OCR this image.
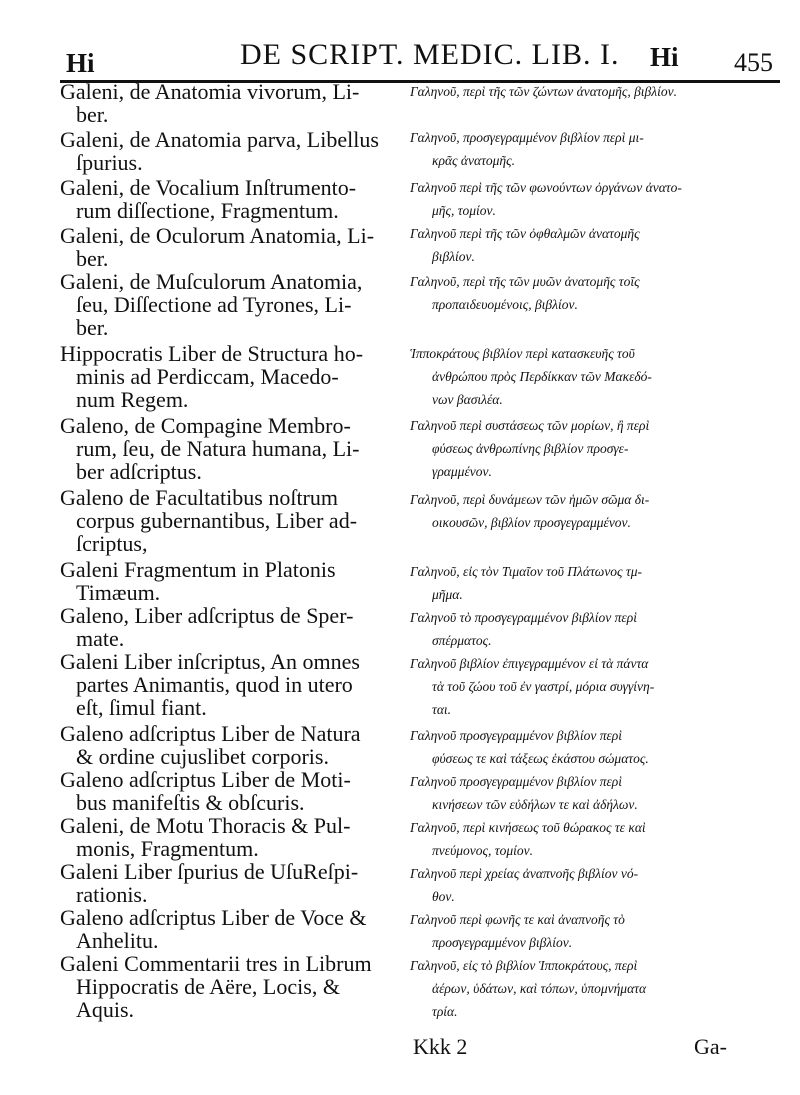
Hi	DE SCRIPT. MEDIC. LIB. I. Hi 455
Galeni, de Anatomia vivorum, Li-
ber.
Galeni, de Anatomia parva, Libellus
ſpurius.
Galeni, de Vocalium Inſtrumento-
rum diſſectione, Fragmentum.
Galeni, de Oculorum Anatomia, Li-
ber.
Galeni, de Muſculorum Anatomia,
ſeu, Diſſectione ad Tyrones, Li-
ber.
Hippocratis Liber de Structura ho-
minis ad Perdiccam, Macedo-
num Regem.
Galeno, de Compagine Membro-
rum, ſeu, de Natura humana, Li-
ber adſcriptus.
Galeno de Facultatibus noſtrum
corpus gubernantibus, Liber ad-
ſcriptus,
Galeni Fragmentum in Platonis
Timæum.
Galeno, Liber adſcriptus de Sper-
mate.
Galeni Liber inſcriptus, An omnes
partes Animantis, quod in utero
eſt, ſimul fiant.
Galeno adſcriptus Liber de Natura
& ordine cujuslibet corporis.
Galeno adſcriptus Liber de Moti-
bus manifeſtis & obſcuris.
Galeni, de Motu Thoracis & Pul-
monis, Fragmentum.
Galeni Liber ſpurius de UſuReſpi-
rationis.
Galeno adſcriptus Liber de Voce &
Anhelitu.
Galeni Commentarii tres in Librum
Hippocratis de Aëre, Locis, &
Aquis.
Γαληνοῦ, περὶ τῆς τῶν ζώντων ἀνατομῆς, βιβλίον.
Γαληνοῦ, προσγεγραμμένον βιβλίον περὶ μι-
κρᾶς ἀνατομῆς.
Γαληνοῦ περὶ τῆς τῶν φωνούντων ὀργάνων ἀνατο-
μῆς, τομίον.
Γαληνοῦ περὶ τῆς τῶν ὀφθαλμῶν ἀνατομῆς
βιβλίον.
Γαληνοῦ, περὶ τῆς τῶν μυῶν ἀνατομῆς τοῖς
προπαιδευομένοις, βιβλίον.
Ἱπποκράτους βιβλίον περὶ κατασκευῆς τοῦ
ἀνθρώπου πρὸς Περδίκκαν τῶν Μακεδό-
νων βασιλέα.
Γαληνοῦ περὶ συστάσεως τῶν μορίων, ἢ περὶ
φύσεως ἀνθρωπίνης βιβλίον προσγε-
γραμμένον.
Γαληνοῦ, περὶ δυνάμεων τῶν ἡμῶν σῶμα δι-
οικουσῶν, βιβλίον προσγεγραμμένον.
Γαληνοῦ, εἰς τὸν Τιμαῖον τοῦ Πλάτωνος τμ-
μῆμα.
Γαληνοῦ τὸ προσγεγραμμένον βιβλίον περὶ
σπέρματος.
Γαληνοῦ βιβλίον ἐπιγεγραμμένον εἰ τὰ πάντα
τὰ τοῦ ζώου τοῦ ἐν γαστρί, μόρια συγγίνη-
ται.
Γαληνοῦ προσγεγραμμένον βιβλίον περὶ
φύσεως τε καὶ τάξεως ἑκάστου σώματος.
Γαληνοῦ προσγεγραμμένον βιβλίον περὶ
κινήσεων τῶν εὐδήλων τε καὶ ἀδήλων.
Γαληνοῦ, περὶ κινήσεως τοῦ θώρακος τε καὶ
πνεύμονος, τομίον.
Γαληνοῦ περὶ χρείας ἀναπνοῆς βιβλίον νό-
θον.
Γαληνοῦ περὶ φωνῆς τε καὶ ἀναπνοῆς τὸ
προσγεγραμμένον βιβλίον.
Γαληνοῦ, εἰς τὸ βιβλίον Ἱπποκράτους, περὶ
ἀέρων, ὑδάτων, καὶ τόπων, ὑπομνήματα
τρία.
Kkk 2	Ga-
